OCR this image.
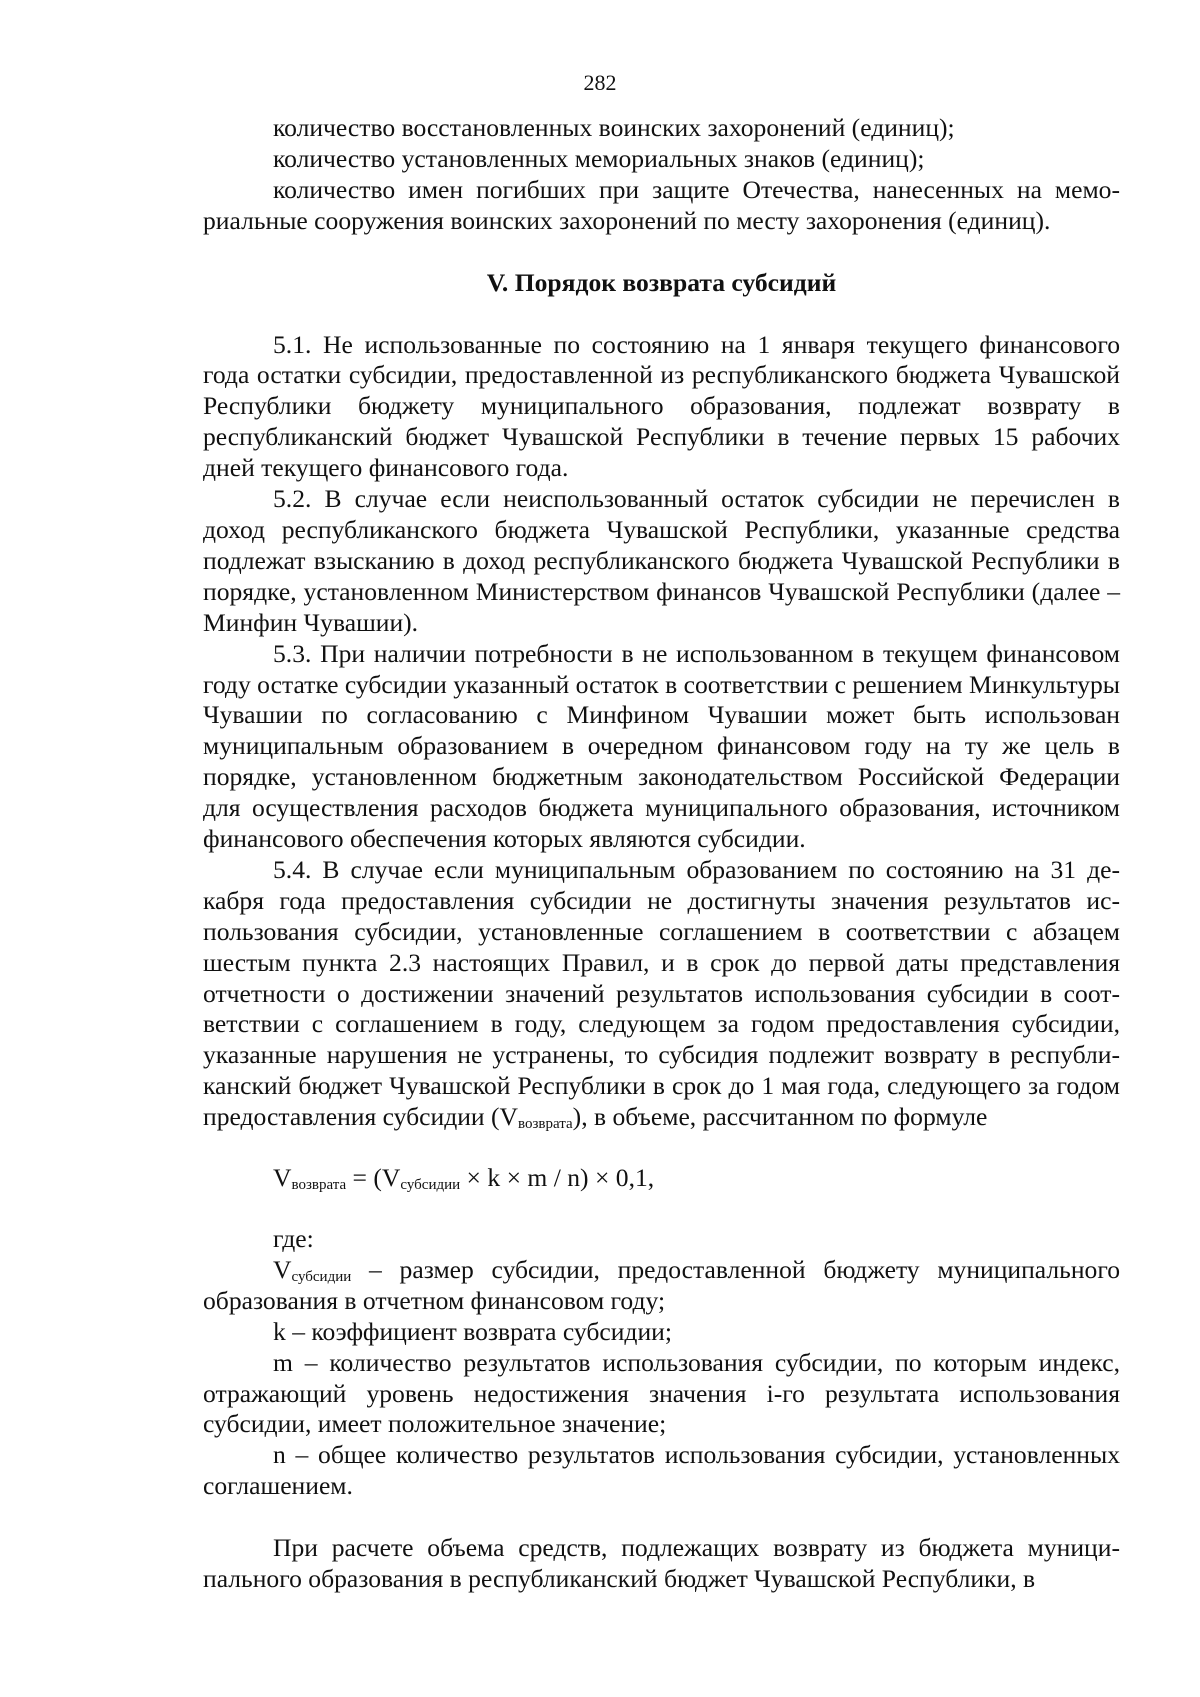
282

количество восстановленных воинских захоронений (единиц);

количество установленных мемориальных знаков (единиц);

количество имен погибших при защите Отечества, нанесенных на мемориальные сооружения воинских захоронений по месту захоронения (единиц).

V. Порядок возврата субсидий

5.1. Не использованные по состоянию на 1 января текущего финансового года остатки субсидии, предоставленной из республиканского бюджета Чувашской Республики бюджету муниципального образования, подлежат возврату в республиканский бюджет Чувашской Республики в течение первых 15 рабочих дней текущего финансового года.

5.2. В случае если неиспользованный остаток субсидии не перечислен в доход республиканского бюджета Чувашской Республики, указанные средства подлежат взысканию в доход республиканского бюджета Чувашской Республики в порядке, установленном Министерством финансов Чувашской Республики (далее – Минфин Чувашии).

5.3. При наличии потребности в не использованном в текущем финансовом году остатке субсидии указанный остаток в соответствии с решением Минкультуры Чувашии по согласованию с Минфином Чувашии может быть использован муниципальным образованием в очередном финансовом году на ту же цель в порядке, установленном бюджетным законодательством Российской Федерации для осуществления расходов бюджета муниципального образования, источником финансового обеспечения которых являются субсидии.

5.4. В случае если муниципальным образованием по состоянию на 31 декабря года предоставления субсидии не достигнуты значения результатов использования субсидии, установленные соглашением в соответствии с абзацем шестым пункта 2.3 настоящих Правил, и в срок до первой даты представления отчетности о достижении значений результатов использования субсидии в соответствии с соглашением в году, следующем за годом предоставления субсидии, указанные нарушения не устранены, то субсидия подлежит возврату в республиканский бюджет Чувашской Республики в срок до 1 мая года, следующего за годом предоставления субсидии $(V_{возврата})$, в объеме, рассчитанном по формуле

$V_{возврата} = (V_{субсидии} \times k \times m / n) \times 0,1$,

где:

$V_{субсидии}$ – размер субсидии, предоставленной бюджету муниципального образования в отчетном финансовом году;

k – коэффициент возврата субсидии;

m – количество результатов использования субсидии, по которым индекс, отражающий уровень недостижения значения i-го результата использования субсидии, имеет положительное значение;

n – общее количество результатов использования субсидии, установленных соглашением.

При расчете объема средств, подлежащих возврату из бюджета муниципального образования в республиканский бюджет Чувашской Республики, в
